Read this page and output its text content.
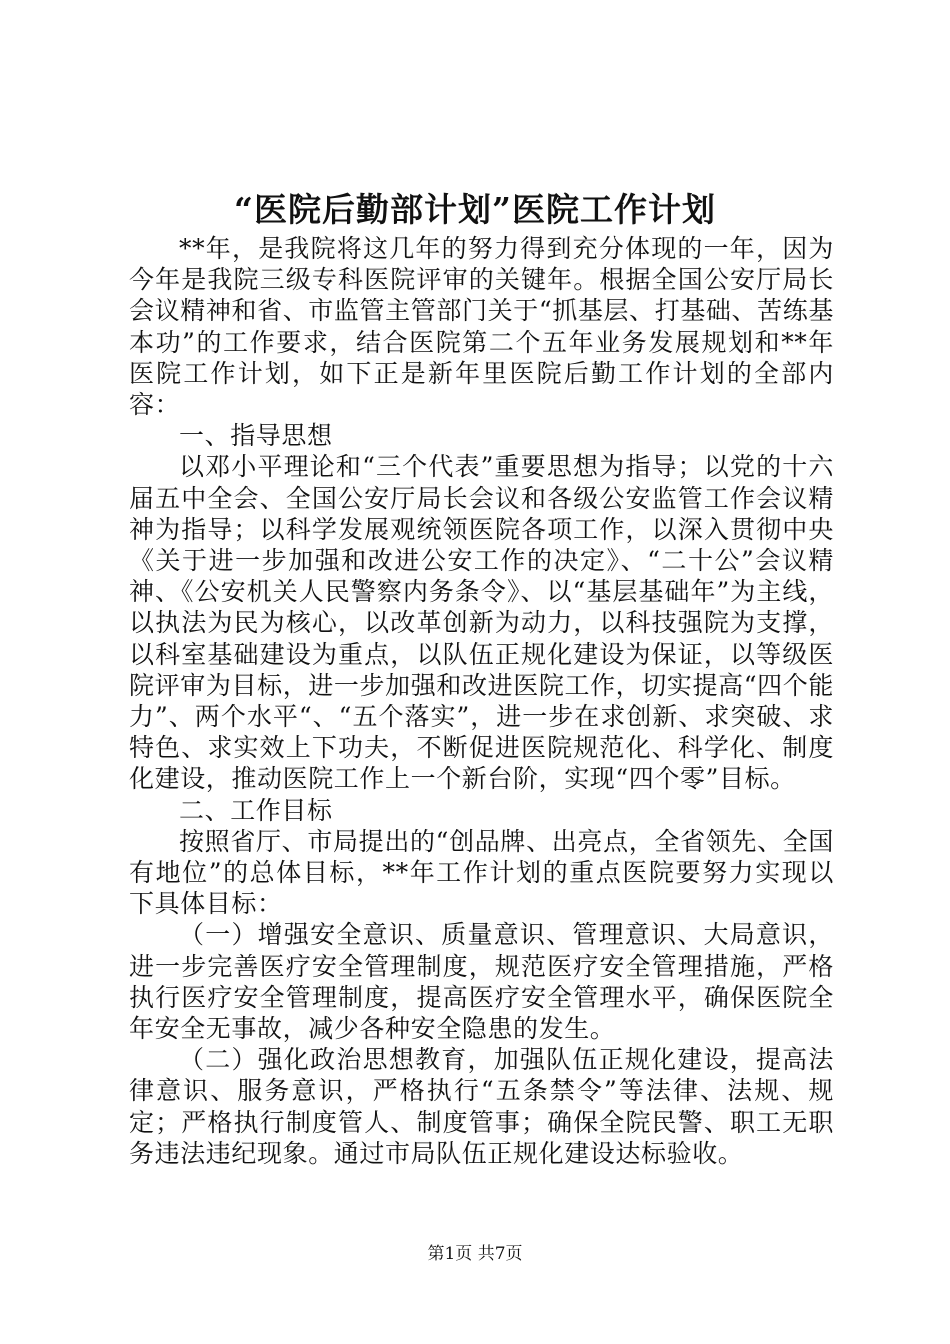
“医院后勤部计划”医院工作计划

**年，是我院将这几年的努力得到充分体现的一年，因为今年是我院三级专科医院评审的关键年。根据全国公安厅局长会议精神和省、市监管主管部门关于“抓基层、打基础、苦练基本功”的工作要求，结合医院第二个五年业务发展规划和**年医院工作计划，如下正是新年里医院后勤工作计划的全部内容：

一、指导思想

以邓小平理论和“三个代表”重要思想为指导；以党的十六届五中全会、全国公安厅局长会议和各级公安监管工作会议精神为指导；以科学发展观统领医院各项工作，以深入贯彻中央《关于进一步加强和改进公安工作的决定》、“二十公”会议精神、《公安机关人民警察内务条令》、以“基层基础年”为主线，以执法为民为核心，以改革创新为动力，以科技强院为支撑，以科室基础建设为重点，以队伍正规化建设为保证，以等级医院评审为目标，进一步加强和改进医院工作，切实提高“四个能力”、两个水平“、“五个落实”，进一步在求创新、求突破、求特色、求实效上下功夫，不断促进医院规范化、科学化、制度化建设，推动医院工作上一个新台阶，实现“四个零”目标。

二、工作目标

按照省厅、市局提出的“创品牌、出亮点，全省领先、全国有地位”的总体目标，**年工作计划的重点医院要努力实现以下具体目标：

（一）增强安全意识、质量意识、管理意识、大局意识，进一步完善医疗安全管理制度，规范医疗安全管理措施，严格执行医疗安全管理制度，提高医疗安全管理水平，确保医院全年安全无事故，减少各种安全隐患的发生。

（二）强化政治思想教育，加强队伍正规化建设，提高法律意识、服务意识，严格执行“五条禁令”等法律、法规、规定；严格执行制度管人、制度管事；确保全院民警、职工无职务违法违纪现象。通过市局队伍正规化建设达标验收。

第1页 共7页
